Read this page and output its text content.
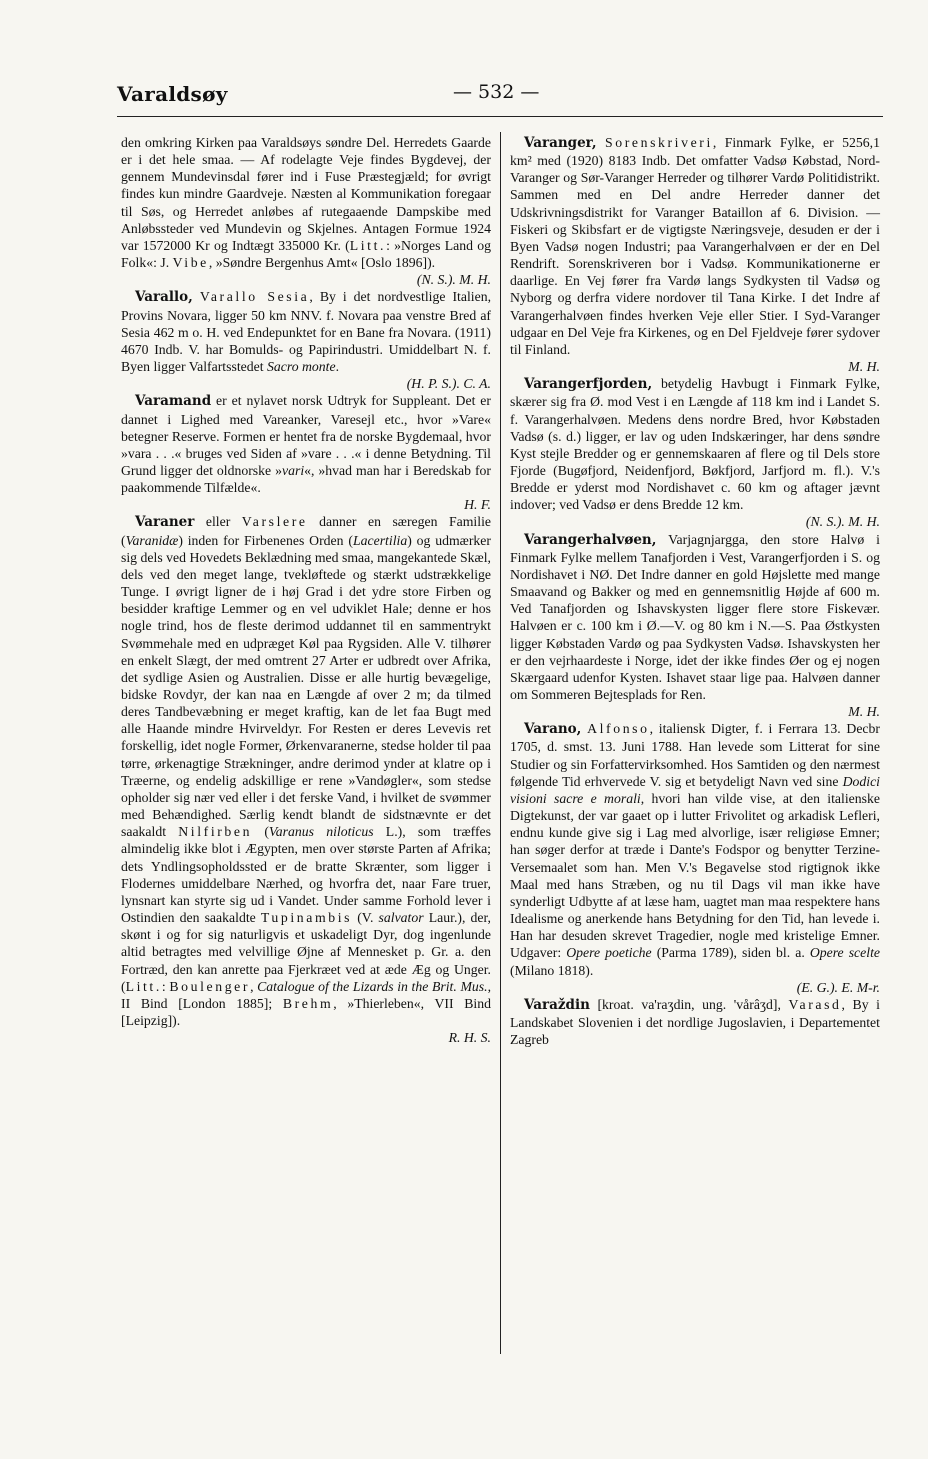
Varaldsøy	— 532 —

den omkring Kirken paa Varaldsøys søndre Del. Herredets Gaarde er i det hele smaa. — Af rodelagte Veje findes Bygdevej, der gennem Mundevinsdal fører ind i Fuse Præstegjæld; for øvrigt findes kun mindre Gaardveje. Næsten al Kommunikation foregaar til Søs, og Herredet anløbes af rutegaaende Dampskibe med Anløbssteder ved Mundevin og Skjelnes. Antagen Formue 1924 var 1572000 Kr og Indtægt 335000 Kr. (Litt.: »Norges Land og Folk«: J. Vibe, »Søndre Bergenhus Amt« [Oslo 1896]).
(N. S.). M. H.

Varallo, Varallo Sesia, By i det nordvestlige Italien, Provins Novara, ligger 50 km NNV. f. Novara paa venstre Bred af Sesia 462 m o. H. ved Endepunktet for en Bane fra Novara. (1911) 4670 Indb. V. har Bomulds- og Papirindustri. Umiddelbart N. f. Byen ligger Valfartsstedet Sacro monte.
(H. P. S.). C. A.

Varamand er et nylavet norsk Udtryk for Suppleant. Det er dannet i Lighed med Vareanker, Varesejl etc., hvor »Vare« betegner Reserve. Formen er hentet fra de norske Bygdemaal, hvor »vara . . .« bruges ved Siden af »vare . . .« i denne Betydning. Til Grund ligger det oldnorske »vari«, »hvad man har i Beredskab for paakommende Tilfælde«.
H. F.

Varaner eller Varslere danner en særegen Familie (Varanidæ) inden for Firbenenes Orden (Lacertilia) og udmærker sig dels ved Hovedets Beklædning med smaa, mangekantede Skæl, dels ved den meget lange, tvekløftede og stærkt udstrækkelige Tunge. I øvrigt ligner de i høj Grad i det ydre store Firben og besidder kraftige Lemmer og en vel udviklet Hale; denne er hos nogle trind, hos de fleste derimod uddannet til en sammentrykt Svømmehale med en udpræget Køl paa Rygsiden. Alle V. tilhører en enkelt Slægt, der med omtrent 27 Arter er udbredt over Afrika, det sydlige Asien og Australien. Disse er alle hurtig bevægelige, bidske Rovdyr, der kan naa en Længde af over 2 m; da tilmed deres Tandbevæbning er meget kraftig, kan de let faa Bugt med alle Haande mindre Hvirveldyr. For Resten er deres Levevis ret forskellig, idet nogle Former, Ørkenvaranerne, stedse holder til paa tørre, ørkenagtige Strækninger, andre derimod ynder at klatre op i Træerne, og endelig adskillige er rene »Vandøgler«, som stedse opholder sig nær ved eller i det ferske Vand, i hvilket de svømmer med Behændighed. Særlig kendt blandt de sidstnævnte er det saakaldt Nilfirben (Varanus niloticus L.), som træffes almindelig ikke blot i Ægypten, men over største Parten af Afrika; dets Yndlingsopholdssted er de bratte Skrænter, som ligger i Flodernes umiddelbare Nærhed, og hvorfra det, naar Fare truer, lynsnart kan styrte sig ud i Vandet. Under samme Forhold lever i Ostindien den saakaldte Tupinambis (V. salvator Laur.), der, skønt i og for sig naturligvis et uskadeligt Dyr, dog ingenlunde altid betragtes med velvillige Øjne af Mennesket p. Gr. a. den Fortræd, den kan anrette paa Fjerkræet ved at æde Æg og Unger. (Litt.: Boulenger, Catalogue of the Lizards in the Brit. Mus., II Bind [London 1885]; Brehm, »Thierleben«, VII Bind [Leipzig]).
R. H. S.

Varanger, Sorenskriveri, Finmark Fylke, er 5256,1 km² med (1920) 8183 Indb. Det omfatter Vadsø Købstad, Nord-Varanger og Sør-Varanger Herreder og tilhører Vardø Politidistrikt. Sammen med en Del andre Herreder danner det Udskrivningsdistrikt for Varanger Bataillon af 6. Division. — Fiskeri og Skibsfart er de vigtigste Næringsveje, desuden er der i Byen Vadsø nogen Industri; paa Varangerhalvøen er der en Del Rendrift. Sorenskriveren bor i Vadsø. Kommunikationerne er daarlige. En Vej fører fra Vardø langs Sydkysten til Vadsø og Nyborg og derfra videre nordover til Tana Kirke. I det Indre af Varangerhalvøen findes hverken Veje eller Stier. I Syd-Varanger udgaar en Del Veje fra Kirkenes, og en Del Fjeldveje fører sydover til Finland.
M. H.

Varangerfjorden, betydelig Havbugt i Finmark Fylke, skærer sig fra Ø. mod Vest i en Længde af 118 km ind i Landet S. f. Varangerhalvøen. Medens dens nordre Bred, hvor Købstaden Vadsø (s. d.) ligger, er lav og uden Indskæringer, har dens søndre Kyst stejle Bredder og er gennemskaaren af flere og til Dels store Fjorde (Bugøfjord, Neidenfjord, Bøkfjord, Jarfjord m. fl.). V.'s Bredde er yderst mod Nordishavet c. 60 km og aftager jævnt indover; ved Vadsø er dens Bredde 12 km.
(N. S.). M. H.

Varangerhalvøen, Varjagnjargga, den store Halvø i Finmark Fylke mellem Tanafjorden i Vest, Varangerfjorden i S. og Nordishavet i NØ. Det Indre danner en gold Højslette med mange Smaavand og Bakker og med en gennemsnitlig Højde af 600 m. Ved Tanafjorden og Ishavskysten ligger flere store Fiskevær. Halvøen er c. 100 km i Ø.—V. og 80 km i N.—S. Paa Østkysten ligger Købstaden Vardø og paa Sydkysten Vadsø. Ishavskysten her er den vejrhaardeste i Norge, idet der ikke findes Øer og ej nogen Skærgaard udenfor Kysten. Ishavet staar lige paa. Halvøen danner om Sommeren Bejtesplads for Ren.
M. H.

Varano, Alfonso, italiensk Digter, f. i Ferrara 13. Decbr 1705, d. smst. 13. Juni 1788. Han levede som Litterat for sine Studier og sin Forfattervirksomhed. Hos Samtiden og den nærmest følgende Tid erhvervede V. sig et betydeligt Navn ved sine Dodici visioni sacre e morali, hvori han vilde vise, at den italienske Digtekunst, der var gaaet op i lutter Frivolitet og arkadisk Lefleri, endnu kunde give sig i Lag med alvorlige, især religiøse Emner; han søger derfor at træde i Dante's Fodspor og benytter Terzine-Versemaalet som han. Men V.'s Begavelse stod rigtignok ikke Maal med hans Stræben, og nu til Dags vil man ikke have synderligt Udbytte af at læse ham, uagtet man maa respektere hans Idealisme og anerkende hans Betydning for den Tid, han levede i. Han har desuden skrevet Tragedier, nogle med kristelige Emner. Udgaver: Opere poetiche (Parma 1789), siden bl. a. Opere scelte (Milano 1818).
(E. G.). E. M-r.

Varaždin [kroat. va'raʒdin, ung. 'vårâʒd], Varasd, By i Landskabet Slovenien i det nordlige Jugoslavien, i Departementet Zagreb
